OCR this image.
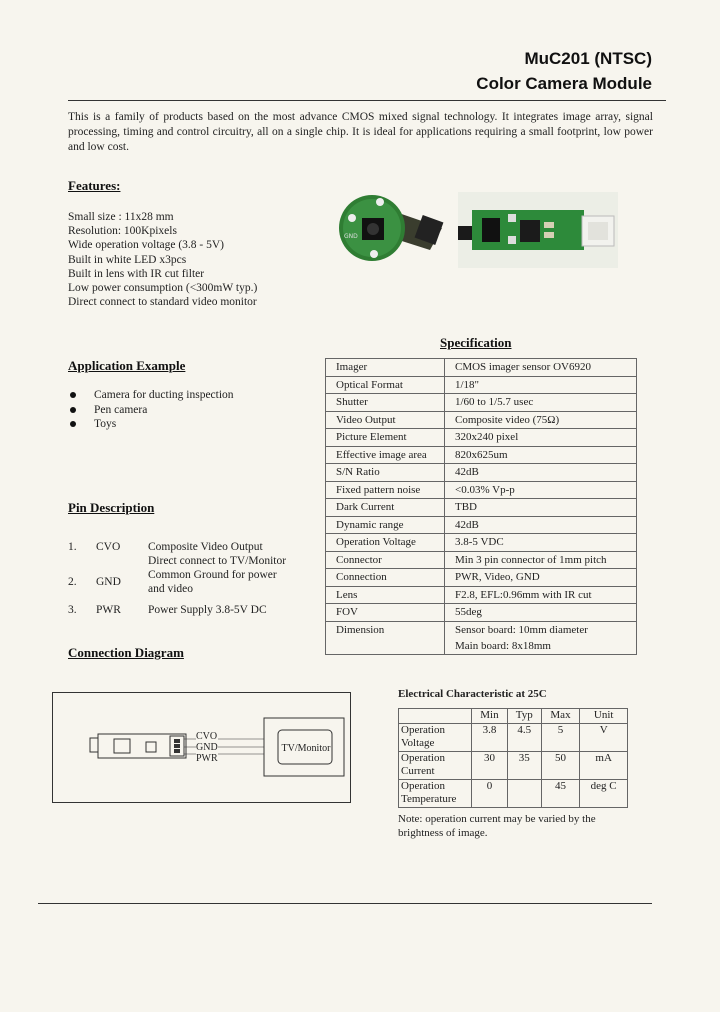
MuC201 (NTSC)
Color Camera Module
This is a family of products based on the most advance CMOS mixed signal technology. It integrates image array, signal processing, timing and control circuitry, all on a single chip. It is ideal for applications requiring a small footprint, low power and low cost.
Features:
Small size : 11x28 mm
Resolution: 100Kpixels
Wide operation voltage (3.8 - 5V)
Built in white LED x3pcs
Built in lens with IR cut filter
Low power consumption (<300mW typ.)
Direct connect to standard video monitor
GND
Application Example
Camera for ducting inspection
Pen camera
Toys
Pin Description
1. CVO Composite Video Output
Direct connect to TV/Monitor
2. GND
Common Ground for power
and video
3. PWR Power Supply 3.8-5V DC
Connection Diagram
CVO
GND
PWR
TV/Monitor
Specification
Imager	CMOS imager sensor OV6920
Optical Format	1/18"
Shutter	1/60 to 1/5.7 usec
Video Output	Composite video (75Ω)
Picture Element	320x240 pixel
Effective image area	820x625um
S/N Ratio	42dB
Fixed pattern noise	<0.03% Vp-p
Dark Current	TBD
Dynamic range	42dB
Operation Voltage	3.8-5 VDC
Connector	Min 3 pin connector of 1mm pitch
Connection	PWR, Video, GND
Lens	F2.8, EFL:0.96mm with IR cut
FOV	55deg
Dimension	Sensor board: 10mm diameter
Main board: 8x18mm
Electrical Characteristic at 25C
	Min	Typ	Max	Unit

Operation
Voltage	3.8	4.5	5	V

Operation
Current	30	35	50	mA

Operation
Temperature	0		45	deg C
Note: operation current may be varied by the
brightness of image.
